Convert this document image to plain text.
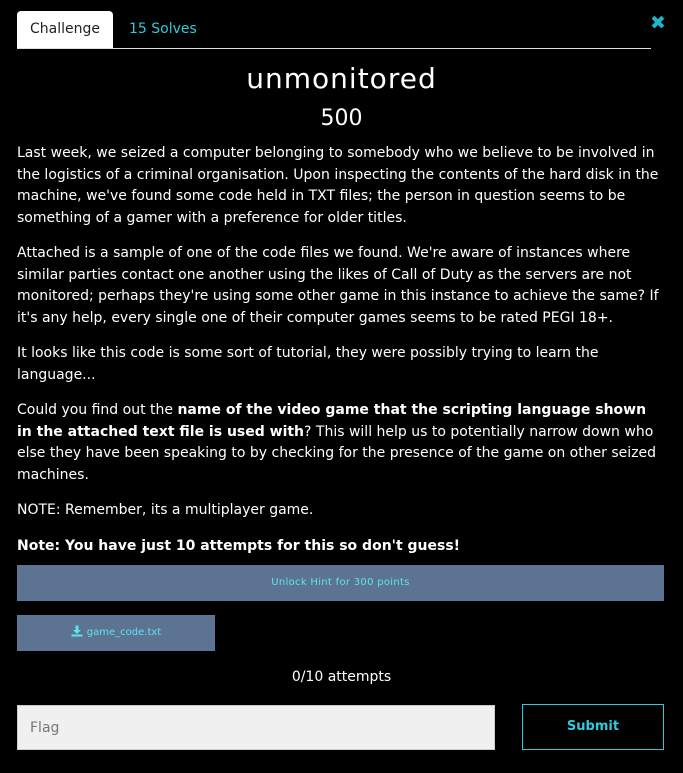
✖
Challenge	15 Solves
unmonitored
500

Last week, we seized a computer belonging to somebody who we believe to be involved in the logistics of a criminal organisation. Upon inspecting the contents of the hard disk in the machine, we've found some code held in TXT files; the person in question seems to be something of a gamer with a preference for older titles.

Attached is a sample of one of the code files we found. We're aware of instances where similar parties contact one another using the likes of Call of Duty as the servers are not monitored; perhaps they're using some other game in this instance to achieve the same? If it's any help, every single one of their computer games seems to be rated PEGI 18+.

It looks like this code is some sort of tutorial, they were possibly trying to learn the language...

Could you find out the name of the video game that the scripting language shown in the attached text file is used with? This will help us to potentially narrow down who else they have been speaking to by checking for the presence of the game on other seized machines.

NOTE: Remember, its a multiplayer game.

Note: You have just 10 attempts for this so don't guess!

Unlock Hint for 300 points
game_code.txt
0/10 attempts
Flag
Submit
